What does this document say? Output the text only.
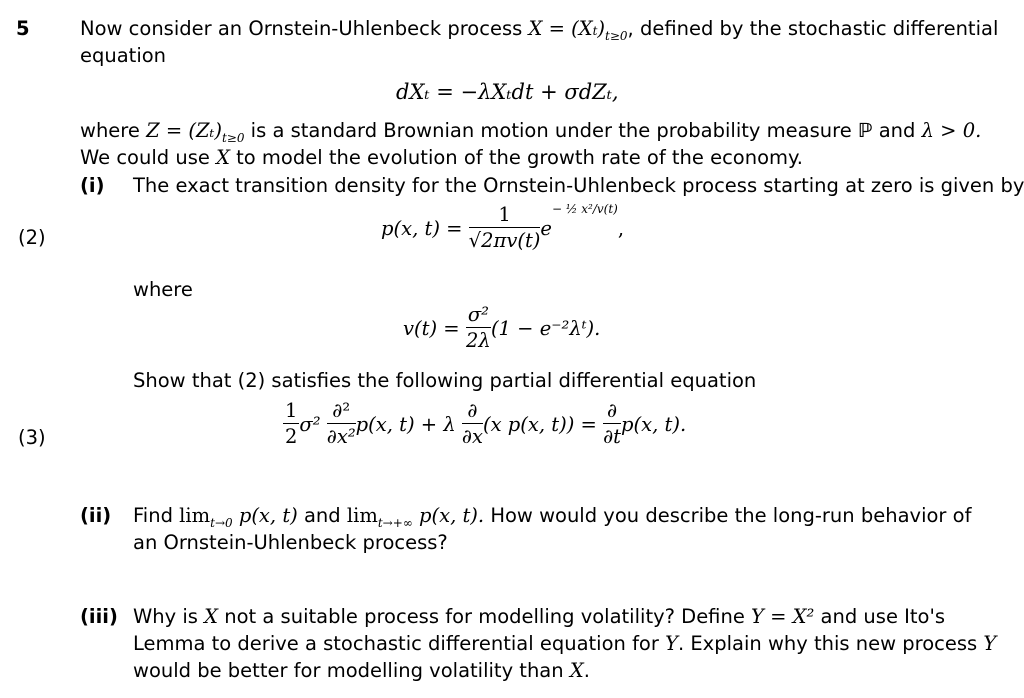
5	Now consider an Ornstein-Uhlenbeck process $X = (Xt)_{t\ge 0}$, defined by the stochastic differential
equation
dXₜ = −λXₜdt + σdZₜ,
where $Z = (Z_t)_{t\ge 0}$ is a standard Brownian motion under the probability measure ℙ and λ > 0.
We could use X to model the evolution of the growth rate of the economy.
(i) The exact transition density for the Ornstein-Uhlenbeck process starting at zero is given by
(2)	p(x, $t) = \frac{1}{√2\pi v(t)} e^{- \frac{1}{2} x^2/v(t)}$,
where
$v(t) = \frac{\text{σ²}}{2\lambda} (1$ − e⁻²λᵗ).
Show that (2) satisfies the following partial differential equation
(3)	$\frac{1}{2} \sigma^2 \frac{\text{∂²}}{\text{∂x²}} p(x$, t) + λ $\frac{\partial}{\partial x} (x$ p(x, $t)) = \frac{\partial}{\partial t} p(x$, t).
(ii) Find $\lim_{t\to 0} p(x$, t) and $\lim_{t\to+\infty} p(x$, t). How would you describe the long-run behavior of
an Ornstein-Uhlenbeck process?
(iii) Why is X not a suitable process for modelling volatility? Define Y = X² and use Ito's
Lemma to derive a stochastic differential equation for Y. Explain why this new process Y
would be better for modelling volatility than X.
